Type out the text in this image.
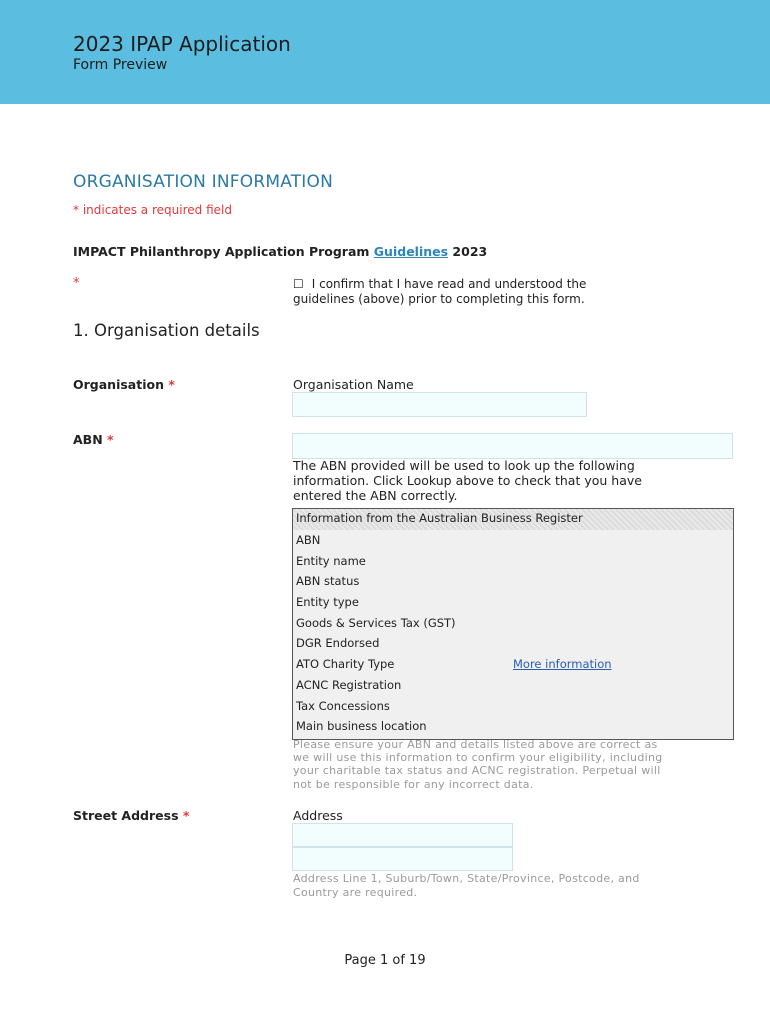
2023 IPAP Application
Form Preview
ORGANISATION INFORMATION
* indicates a required field
IMPACT Philanthropy Application Program Guidelines 2023
*	☐ I confirm that I have read and understood the guidelines (above) prior to completing this form.
1. Organisation details
Organisation *	Organisation Name
ABN *
The ABN provided will be used to look up the following information. Click Lookup above to check that you have entered the ABN correctly.
Information from the Australian Business Register
ABN
Entity name
ABN status
Entity type
Goods & Services Tax (GST)
DGR Endorsed
ATO Charity Type	More information
ACNC Registration
Tax Concessions
Main business location
Please ensure your ABN and details listed above are correct as we will use this information to confirm your eligibility, including your charitable tax status and ACNC registration. Perpetual will not be responsible for any incorrect data.
Street Address *	Address
Address Line 1, Suburb/Town, State/Province, Postcode, and Country are required.
Page 1 of 19
